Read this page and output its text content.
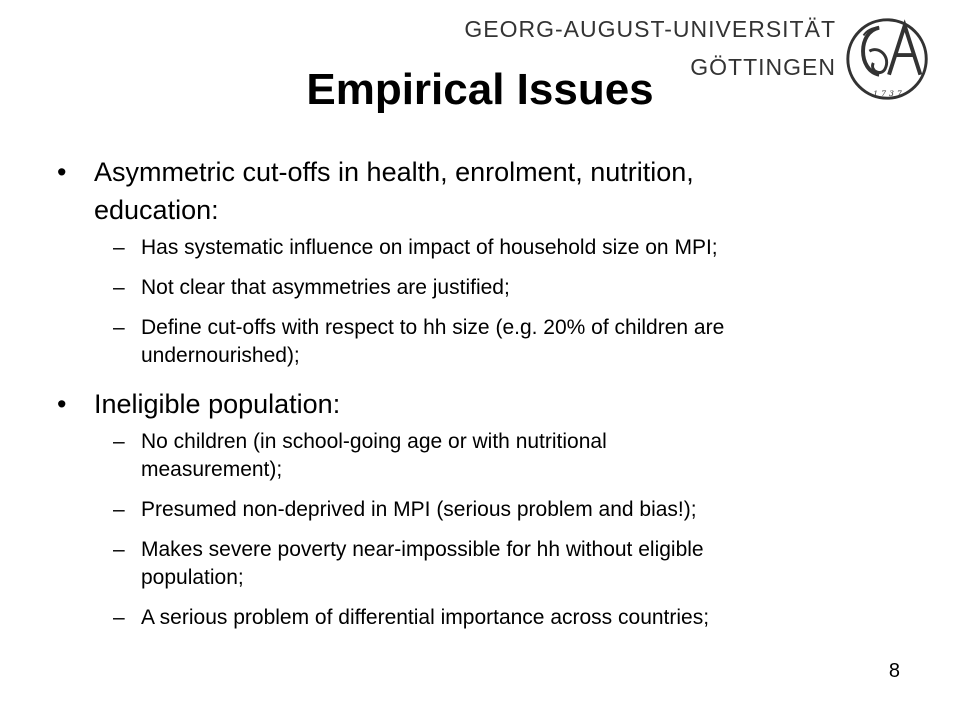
GEORG-AUGUST-UNIVERSITÄT
GÖTTINGEN
1737
Empirical Issues
• Asymmetric cut-offs in health, enrolment, nutrition,
education:
– Has systematic influence on impact of household size on MPI;
– Not clear that asymmetries are justified;
– Define cut-offs with respect to hh size (e.g. 20% of children are
undernourished);
• Ineligible population:
– No children (in school-going age or with nutritional
measurement);
– Presumed non-deprived in MPI (serious problem and bias!);
– Makes severe poverty near-impossible for hh without eligible
population;
– A serious problem of differential importance across countries;
8
